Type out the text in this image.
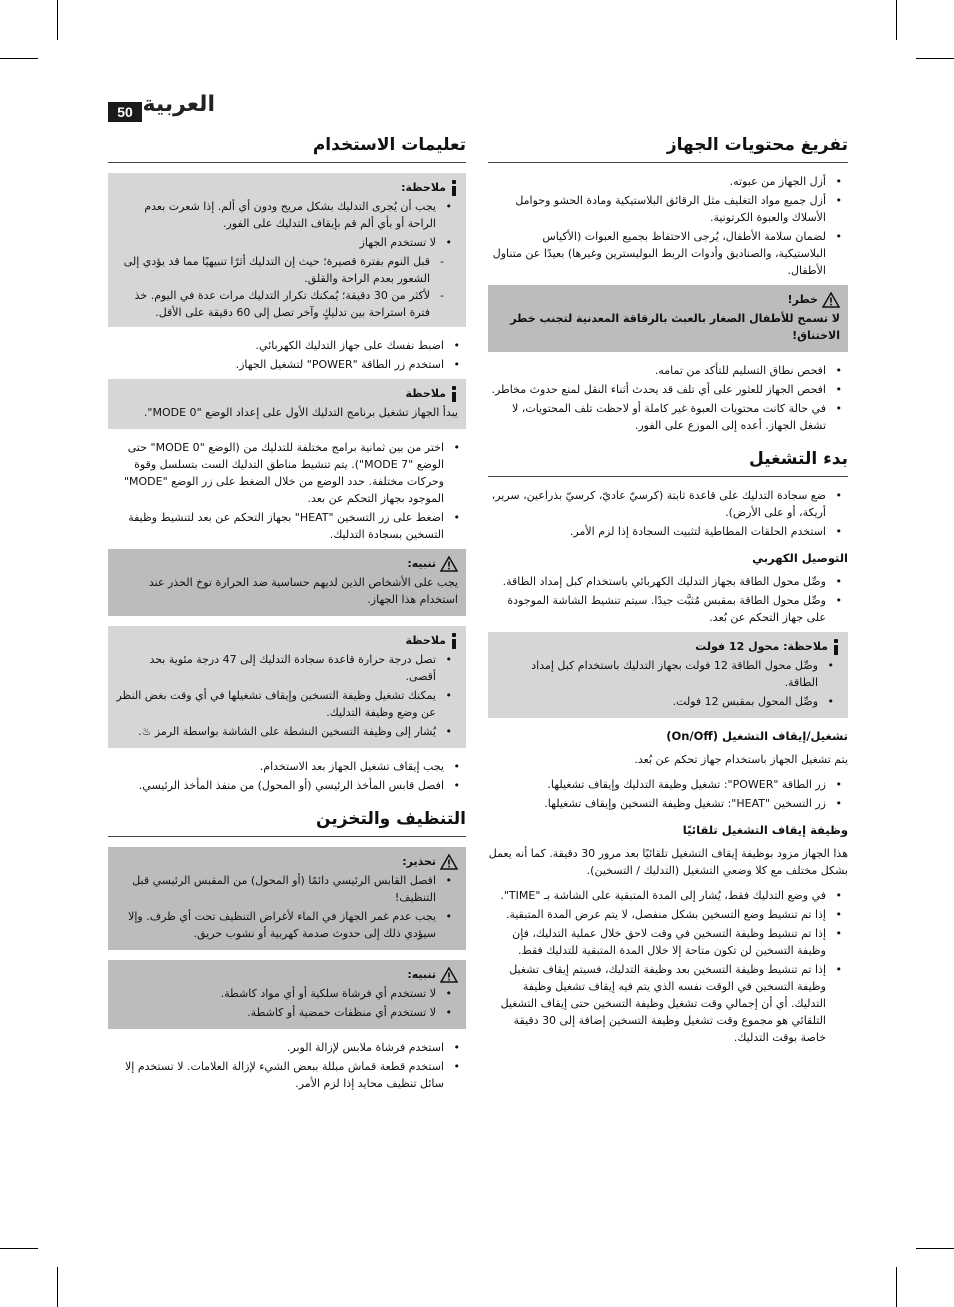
العربية
50
تفريغ محتويات الجهاز
• أزل الجهاز من عبوته.
• أزل جميع مواد التغليف مثل الرقائق البلاستيكية ومادة الحشو وحوامل الأسلاك والعبوة الكرتونية.
• لضمان سلامة الأطفال، يُرجى الاحتفاظ بجميع العبوات (الأكياس البلاستيكية، والصناديق وأدوات الربط البوليسترين وغيرها) بعيدًا عن متناول الأطفال.
خطر!

لا تسمح للأطفال الصغار بالعبث بالرقاقة المعدنية لتجنب خطر الاختناق!

• افحص نطاق التسليم للتأكد من تمامه.
• افحص الجهاز للعثور على أي تلف قد يحدث أثناء النقل لمنع حدوث مخاطر.
• في حالة كانت محتويات العبوة غير كاملة أو لاحظت تلف المحتويات، لا تشغل الجهاز. أعده إلى الموزع على الفور.
بدء التشغيل
• ضع سجادة التدليك على قاعدة ثابتة (كرسيّ عاديّ، كرسيّ بذراعين، سرير، أريكة، أو على الأرض).
• استخدم الحلقات المطاطية لتثبيت السجادة إذا لزم الأمر.
التوصيل الكهربي
• وصِّل محول الطاقة بجهاز التدليك الكهربائي باستخدام كبل إمداد الطاقة.
• وصِّل محول الطاقة بمقبس مُثبَّت جيدًا. سيتم تنشيط الشاشة الموجودة على جهاز التحكم عن بُعد.
ملاحظة: محول 12 فولت
• وصِّل محول الطاقة 12 فولت بجهاز التدليك باستخدام كبل إمداد الطاقة.
• وصِّل المحول بمقبس 12 فولت.
تشغيل/إيقاف التشغيل (On/Off)

يتم تشغيل الجهاز باستخدام جهاز تحكم عن بُعد.

• زر الطاقة "POWER": تشغيل وظيفة التدليك وإيقاف تشغيلها.
• زر التسخين "HEAT": تشغيل وظيفة التسخين وإيقاف تشغيلها.
وظيفة إيقاف التشغيل تلقائيًا

هذا الجهاز مزود بوظيفة إيقاف التشغيل تلقائيًا بعد مرور 30 دقيقة. كما أنه يعمل بشكل مختلف مع كلا وضعي التشغيل (التدليك / التسخين).

• في وضع التدليك فقط، يُشار إلى المدة المتبقية على الشاشة بـ "TIME".
• إذا تم تنشيط وضع التسخين بشكل منفصل، لا يتم عرض المدة المتبقية.
• إذا تم تنشيط وظيفة التسخين في وقت لاحق خلال عملية التدليك، فإن وظيفة التسخين لن تكون متاحة إلا خلال المدة المتبقية للتدليك فقط.
• إذا تم تنشيط وظيفة التسخين بعد وظيفة التدليك، فسيتم إيقاف تشغيل وظيفة التسخين في الوقت نفسه الذي يتم فيه إيقاف تشغيل وظيفة التدليك. أي أن إجمالي وقت تشغيل وظيفة التسخين حتى إيقاف التشغيل التلقائي هو مجموع وقت تشغيل وظيفة التسخين إضافة إلى 30 دقيقة خاصة بوقت التدليك.
تعليمات الاستخدام
ملاحظة:
• يجب أن يُجرى التدليك بشكل مريح ودون أي ألم. إذا شعرت بعدم الراحة أو بأي ألم قم بإيقاف التدليك على الفور.
• لا تستخدم الجهاز
- قبل النوم بفترة قصيرة؛ حيث إن التدليك أثرًا تنبيهيًا مما قد يؤدي إلى الشعور بعدم الراحة والقلق.
- لأكثر من 30 دقيقة؛ يُمكنك تكرار التدليك مرات عدة في اليوم. خذ فترة استراحة بين تدليكٍ وآخر تصل إلى 60 دقيقة على الأقل.
• اضبط نفسك على جهاز التدليك الكهربائي.
• استخدم زر الطاقة "POWER" لتشغيل الجهاز.
ملاحظة

يبدأ الجهاز تشغيل برنامج التدليك الأول على إعداد الوضع "MODE 0".

• اختر من بين ثمانية برامج مختلفة للتدليك من (الوضع "MODE 0" حتى الوضع "MODE 7"). يتم تنشيط مناطق التدليك الست بتسلسل وقوة وحركات مختلفة. حدد الوضع من خلال الضغط على زر الوضع "MODE" الموجود بجهاز التحكم عن بعد.
• اضغط على زر التسخين "HEAT" بجهاز التحكم عن بعد لتنشيط وظيفة التسخين بسجادة التدليك.
تنبيه:

يجب على الأشخاص الذين لديهم حساسية ضد الحرارة توخ الحذر عند استخدام هذا الجهاز.

ملاحظة
• تصل درجة حرارة قاعدة سجادة التدليك إلى 47 درجة مئوية بحد أقصى.
• يمكنك تشغيل وظيفة التسخين وإيقاف تشغيلها في أي وقت بغض النظر عن وضع وظيفة التدليك.
• يُشار إلى وظيفة التسخين النشطة على الشاشة بواسطة الرمز ♨.
• يجب إيقاف تشغيل الجهاز بعد الاستخدام.
• افصل قابس المأخذ الرئيسي (أو المحول) من منفذ المأخذ الرئيسي.
التنظيف والتخزين
تحذير:
• افصل القابس الرئيسي دائمًا (أو المحول) من المقبس الرئيسي قبل التنظيف!
• يجب عدم غمر الجهاز في الماء لأغراض التنظيف تحت أي ظرف. وإلا سيؤدي ذلك إلى حدوث صدمة كهربية أو نشوب حريق.
تنبيه:
• لا تستخدم أي فرشاة سلكية أو أي مواد كاشطة.
• لا تستخدم أي منظفات حمضية أو كاشطة.
• استخدم فرشاة ملابس لإزالة الوبر.
• استخدم قطعة قماش مبللة ببعض الشيء لإزالة العلامات. لا تستخدم إلا سائل تنظيف محايد إذا لزم الأمر.
